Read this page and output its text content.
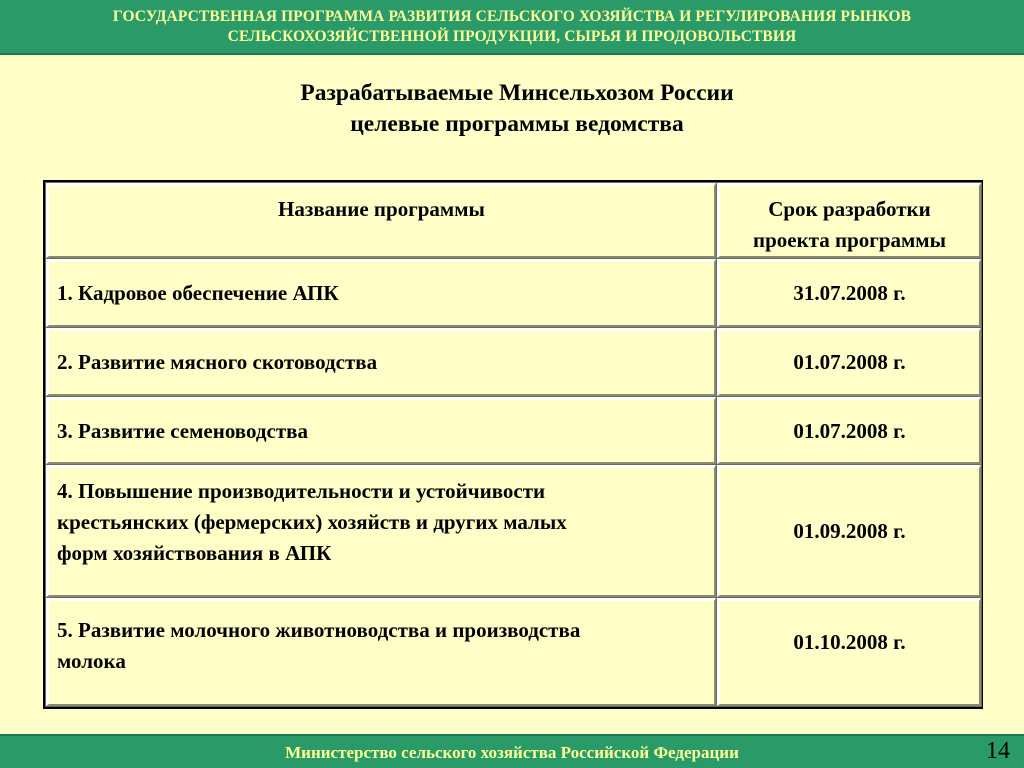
ГОСУДАРСТВЕННАЯ ПРОГРАММА РАЗВИТИЯ СЕЛЬСКОГО ХОЗЯЙСТВА И РЕГУЛИРОВАНИЯ РЫНКОВ
СЕЛЬСКОХОЗЯЙСТВЕННОЙ ПРОДУКЦИИ, СЫРЬЯ И ПРОДОВОЛЬСТВИЯ
Разрабатываемые Минсельхозом России
целевые программы ведомства
Название программы	Срок разработки
проекта программы

1. Кадровое обеспечение АПК	31.07.2008 г.

2. Развитие мясного скотоводства	01.07.2008 г.

3. Развитие семеноводства	01.07.2008 г.

4. Повышение производительности и устойчивости
крестьянских (фермерских) хозяйств и других малых
форм хозяйствования в АПК	01.09.2008 г.

5. Развитие молочного животноводства и производства
молока	01.10.2008 г.
Министерство сельского хозяйства Российской Федерации	14
